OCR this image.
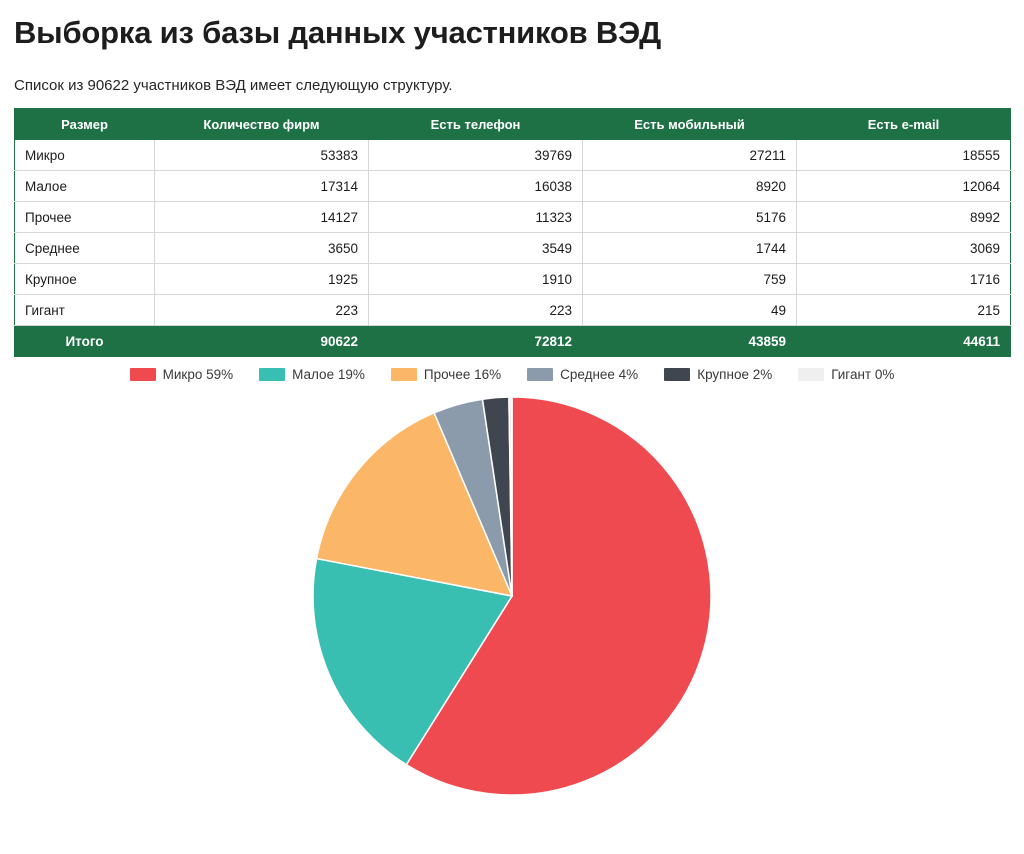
Выборка из базы данных участников ВЭД

Список из 90622 участников ВЭД имеет следующую структуру.

Размер	Количество фирм	Есть телефон	Есть мобильный	Есть e-mail
Микро	53383	39769	27211	18555
Малое	17314	16038	8920	12064
Прочее	14127	11323	5176	8992
Среднее	3650	3549	1744	3069
Крупное	1925	1910	759	1716
Гигант	223	223	49	215
Итого	90622	72812	43859	44611
Микро 59%	Малое 19%	Прочее 16%	Среднее 4%	Крупное 2%	Гигант 0%
